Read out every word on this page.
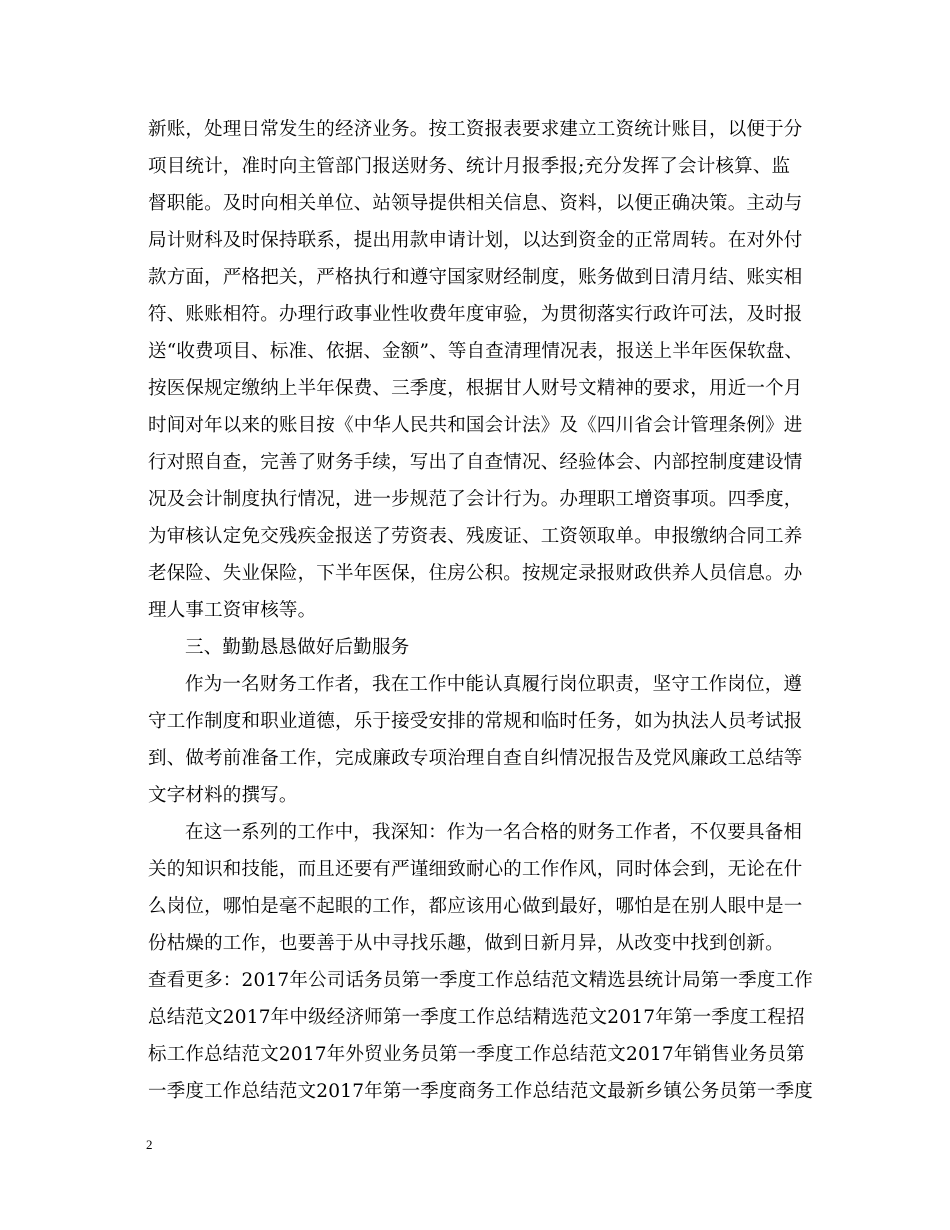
新账，处理日常发生的经济业务。按工资报表要求建立工资统计账目，以便于分
项目统计，准时向主管部门报送财务、统计月报季报;充分发挥了会计核算、监
督职能。及时向相关单位、站领导提供相关信息、资料，以便正确决策。主动与
局计财科及时保持联系，提出用款申请计划，以达到资金的正常周转。在对外付
款方面，严格把关，严格执行和遵守国家财经制度，账务做到日清月结、账实相
符、账账相符。办理行政事业性收费年度审验，为贯彻落实行政许可法，及时报
送“收费项目、标准、依据、金额”、等自查清理情况表，报送上半年医保软盘、
按医保规定缴纳上半年保费、三季度，根据甘人财号文精神的要求，用近一个月
时间对年以来的账目按《中华人民共和国会计法》及《四川省会计管理条例》进
行对照自查，完善了财务手续，写出了自查情况、经验体会、内部控制度建设情
况及会计制度执行情况，进一步规范了会计行为。办理职工增资事项。四季度，
为审核认定免交残疾金报送了劳资表、残废证、工资领取单。申报缴纳合同工养
老保险、失业保险，下半年医保，住房公积。按规定录报财政供养人员信息。办
理人事工资审核等。
三、勤勤恳恳做好后勤服务
作为一名财务工作者，我在工作中能认真履行岗位职责，坚守工作岗位，遵
守工作制度和职业道德，乐于接受安排的常规和临时任务，如为执法人员考试报
到、做考前准备工作，完成廉政专项治理自查自纠情况报告及党风廉政工总结等
文字材料的撰写。
在这一系列的工作中，我深知：作为一名合格的财务工作者，不仅要具备相
关的知识和技能，而且还要有严谨细致耐心的工作作风，同时体会到，无论在什
么岗位，哪怕是毫不起眼的工作，都应该用心做到最好，哪怕是在别人眼中是一
份枯燥的工作，也要善于从中寻找乐趣，做到日新月异，从改变中找到创新。
查看更多：2017年公司话务员第一季度工作总结范文精选县统计局第一季度工作
总结范文2017年中级经济师第一季度工作总结精选范文2017年第一季度工程招
标工作总结范文2017年外贸业务员第一季度工作总结范文2017年销售业务员第
一季度工作总结范文2017年第一季度商务工作总结范文最新乡镇公务员第一季度
2
